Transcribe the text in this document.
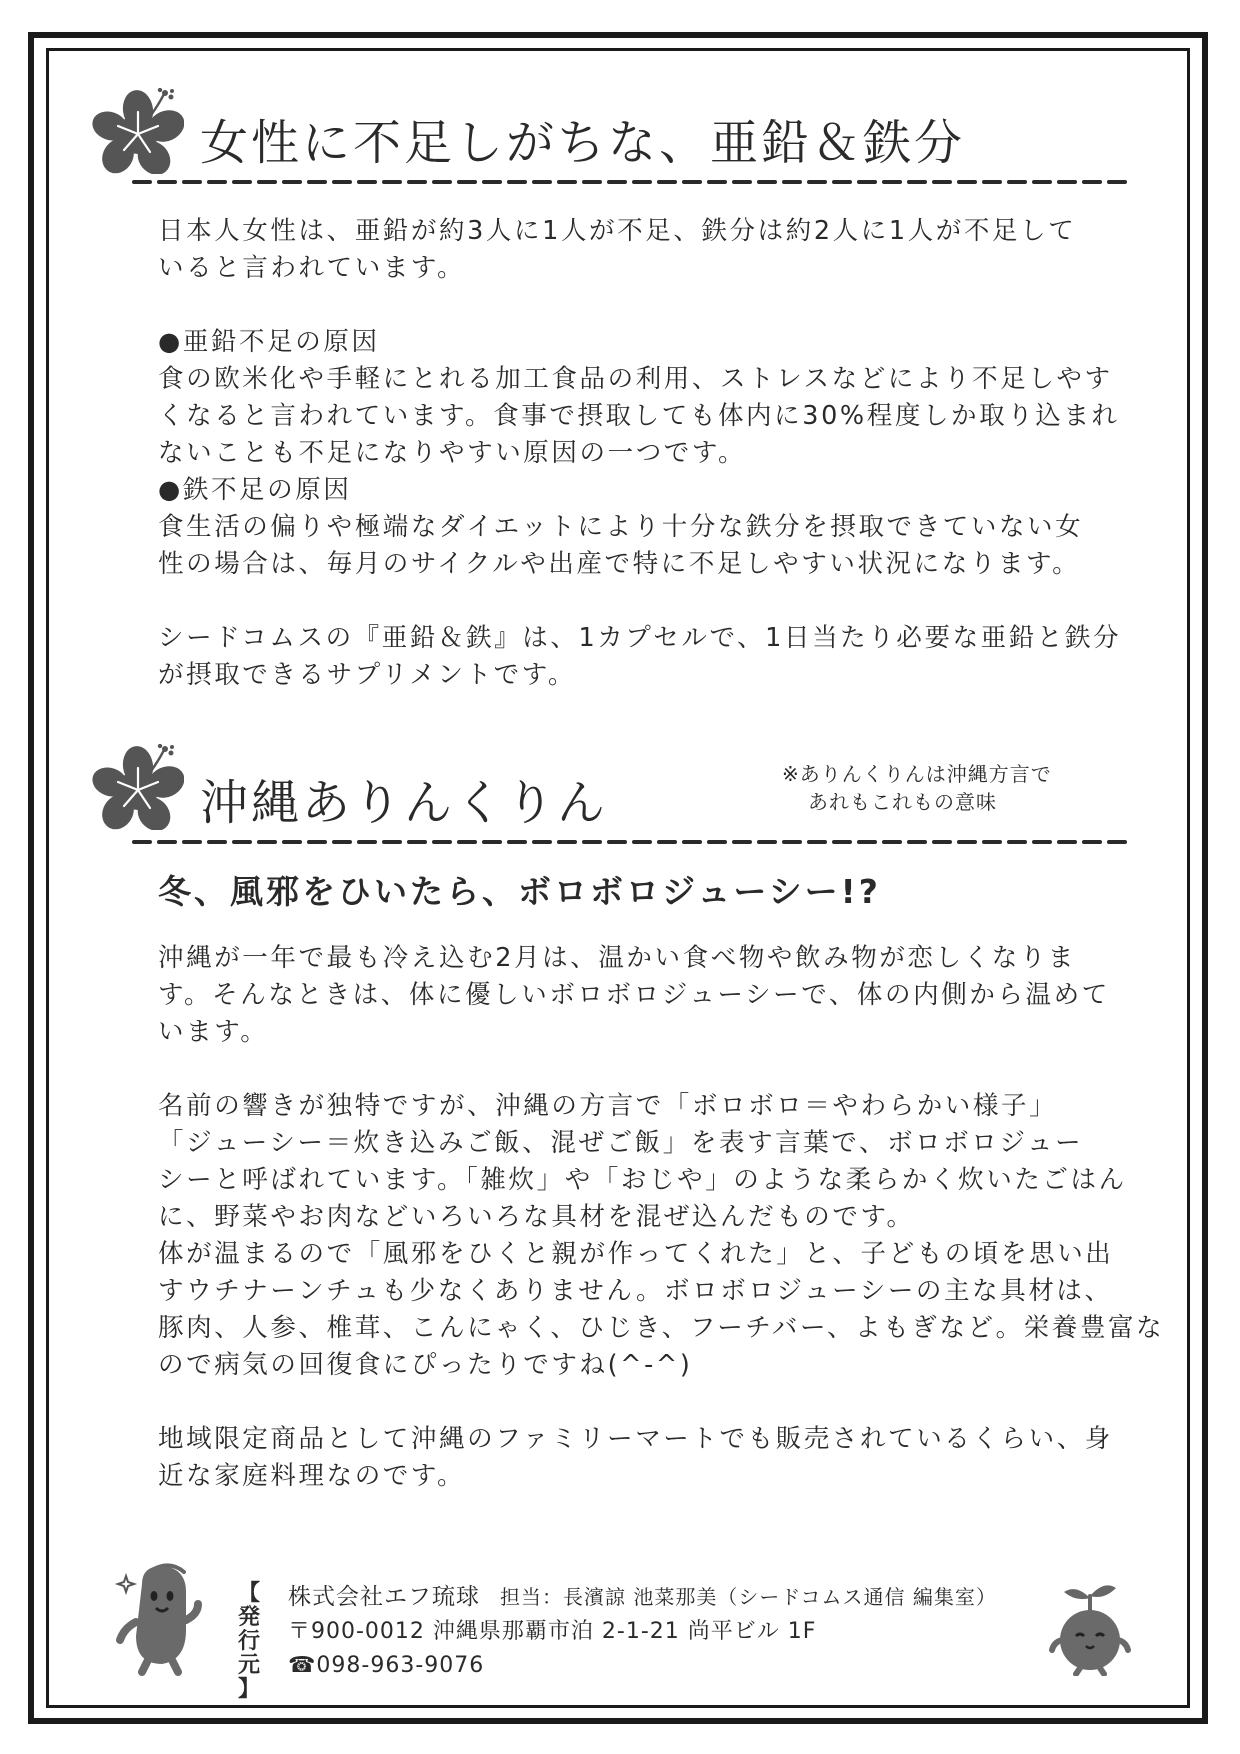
女性に不足しがちな、亜鉛＆鉄分

日本人女性は、亜鉛が約3人に1人が不足、鉄分は約2人に1人が不足して

いると言われています。

●亜鉛不足の原因

食の欧米化や手軽にとれる加工食品の利用、ストレスなどにより不足しやす

くなると言われています。食事で摂取しても体内に30%程度しか取り込まれ

ないことも不足になりやすい原因の一つです。

●鉄不足の原因

食生活の偏りや極端なダイエットにより十分な鉄分を摂取できていない女

性の場合は、毎月のサイクルや出産で特に不足しやすい状況になります。

シードコムスの『亜鉛＆鉄』は、1カプセルで、1日当たり必要な亜鉛と鉄分

が摂取できるサプリメントです。

沖縄ありんくりん

※ありんくりんは沖縄方言で

あれもこれもの意味

冬、風邪をひいたら、ボロボロジューシー!?

沖縄が一年で最も冷え込む2月は、温かい食べ物や飲み物が恋しくなりま

す。そんなときは、体に優しいボロボロジューシーで、体の内側から温めて

います。

名前の響きが独特ですが、沖縄の方言で「ボロボロ＝やわらかい様子」

「ジューシー＝炊き込みご飯、混ぜご飯」を表す言葉で、ボロボロジュー

シーと呼ばれています。「雑炊」や「おじや」のような柔らかく炊いたごはん

に、野菜やお肉などいろいろな具材を混ぜ込んだものです。

体が温まるので「風邪をひくと親が作ってくれた」と、子どもの頃を思い出

すウチナーンチュも少なくありません。ボロボロジューシーの主な具材は、

豚肉、人参、椎茸、こんにゃく、ひじき、フーチバー、よもぎなど。栄養豊富な

ので病気の回復食にぴったりですね(^-^)

地域限定商品として沖縄のファミリーマートでも販売されているくらい、身

近な家庭料理なのです。

【
発
行
元
】
株式会社エフ琉球 担当：長濱諒 池菜那美（シードコムス通信 編集室）
〒900-0012 沖縄県那覇市泊 2-1-21 尚平ビル 1F
☎098-963-9076
